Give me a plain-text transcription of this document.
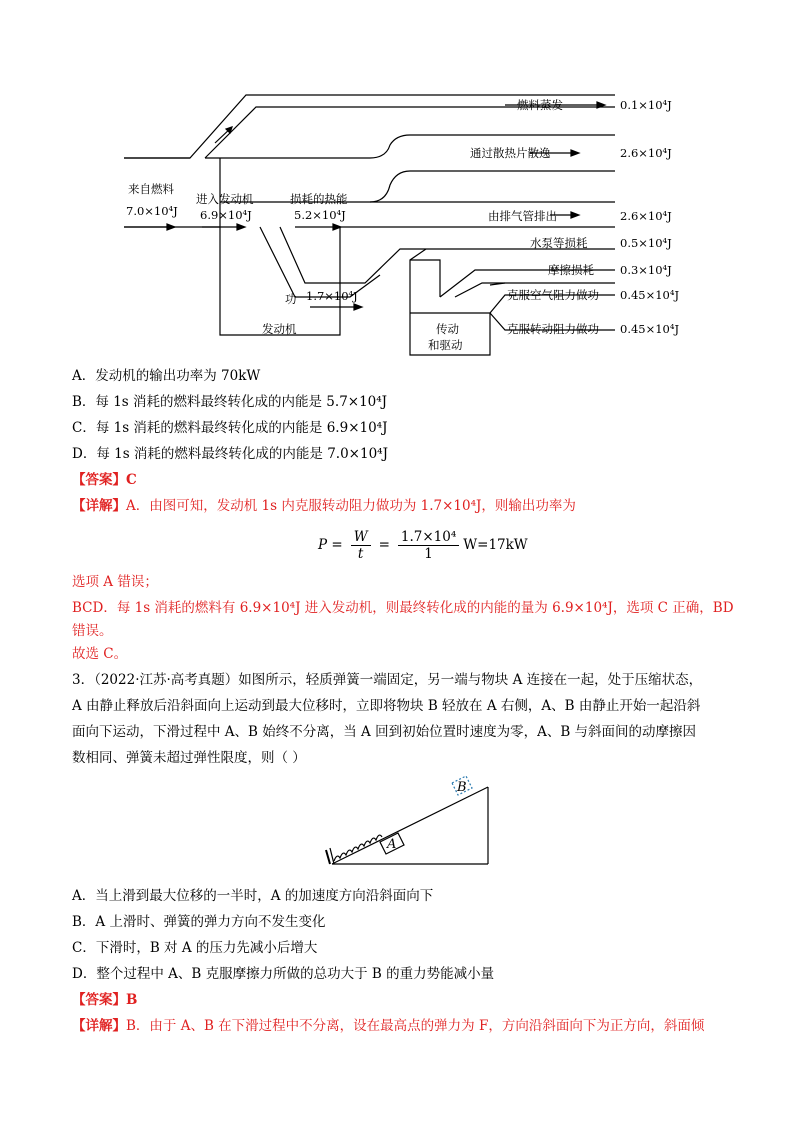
燃料蒸发	0.1×10⁴J
通过散热片散逸	2.6×10⁴J
由排气管排出	2.6×10⁴J
水泵等损耗	0.5×10⁴J
摩擦损耗 0.3×10⁴J
克服空气阻力做功 0.45×10⁴J
克服转动阻力做功 0.45×10⁴J
来自燃料
7.0×10⁴J
进入发动机
6.9×10⁴J
损耗的热能
5.2×10⁴J
功 1.7×10⁴J
发动机	传动
和驱动
A．发动机的输出功率为 70kW
B．每 1s 消耗的燃料最终转化成的内能是 5.7×10⁴J
C．每 1s 消耗的燃料最终转化成的内能是 6.9×10⁴J
D．每 1s 消耗的燃料最终转化成的内能是 7.0×10⁴J
【答案】C
【详解】A．由图可知，发动机 1s 内克服转动阻力做功为 1.7×10⁴J，则输出功率为
$P = \frac{W}{t} = \frac{\text{1.7×10⁴}}{1} W=17kW$
选项 A 错误；
BCD．每 1s 消耗的燃料有 6.9×10⁴J 进入发动机，则最终转化成的内能的量为 6.9×10⁴J，选项 C 正确，BD
错误。
故选 C。
3．（2022·江苏·高考真题）如图所示，轻质弹簧一端固定，另一端与物块 A 连接在一起，处于压缩状态，
A 由静止释放后沿斜面向上运动到最大位移时，立即将物块 B 轻放在 A 右侧，A、B 由静止开始一起沿斜
面向下运动，下滑过程中 A、B 始终不分离，当 A 回到初始位置时速度为零，A、B 与斜面间的动摩擦因
数相同、弹簧未超过弹性限度，则（ ）
A
B
A．当上滑到最大位移的一半时，A 的加速度方向沿斜面向下
B．A 上滑时、弹簧的弹力方向不发生变化
C．下滑时，B 对 A 的压力先减小后增大
D．整个过程中 A、B 克服摩擦力所做的总功大于 B 的重力势能减小量
【答案】B
【详解】B．由于 A、B 在下滑过程中不分离，设在最高点的弹力为 F，方向沿斜面向下为正方向，斜面倾
